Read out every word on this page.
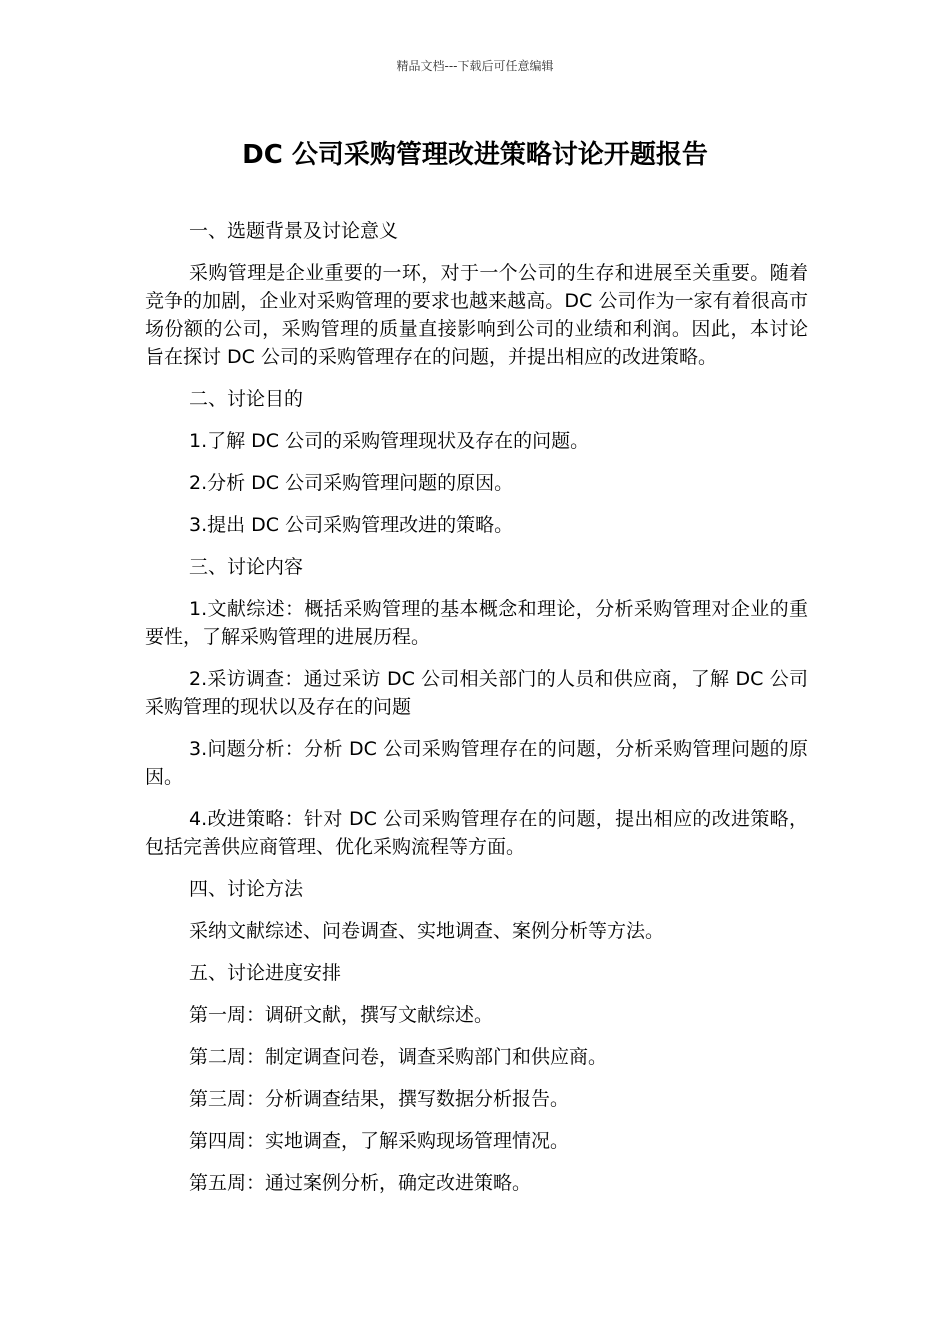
精品文档---下载后可任意编辑
DC 公司采购管理改进策略讨论开题报告

一、选题背景及讨论意义

采购管理是企业重要的一环，对于一个公司的生存和进展至关重要。随着竞争的加剧，企业对采购管理的要求也越来越高。DC 公司作为一家有着很高市场份额的公司，采购管理的质量直接影响到公司的业绩和利润。因此，本讨论旨在探讨 DC 公司的采购管理存在的问题，并提出相应的改进策略。

二、讨论目的

1.了解 DC 公司的采购管理现状及存在的问题。

2.分析 DC 公司采购管理问题的原因。

3.提出 DC 公司采购管理改进的策略。

三、讨论内容

1.文献综述：概括采购管理的基本概念和理论，分析采购管理对企业的重要性，了解采购管理的进展历程。

2.采访调查：通过采访 DC 公司相关部门的人员和供应商，了解 DC 公司采购管理的现状以及存在的问题

3.问题分析：分析 DC 公司采购管理存在的问题，分析采购管理问题的原因。

4.改进策略：针对 DC 公司采购管理存在的问题，提出相应的改进策略，包括完善供应商管理、优化采购流程等方面。

四、讨论方法

采纳文献综述、问卷调查、实地调查、案例分析等方法。

五、讨论进度安排

第一周：调研文献，撰写文献综述。

第二周：制定调查问卷，调查采购部门和供应商。

第三周：分析调查结果，撰写数据分析报告。

第四周：实地调查，了解采购现场管理情况。

第五周：通过案例分析，确定改进策略。
